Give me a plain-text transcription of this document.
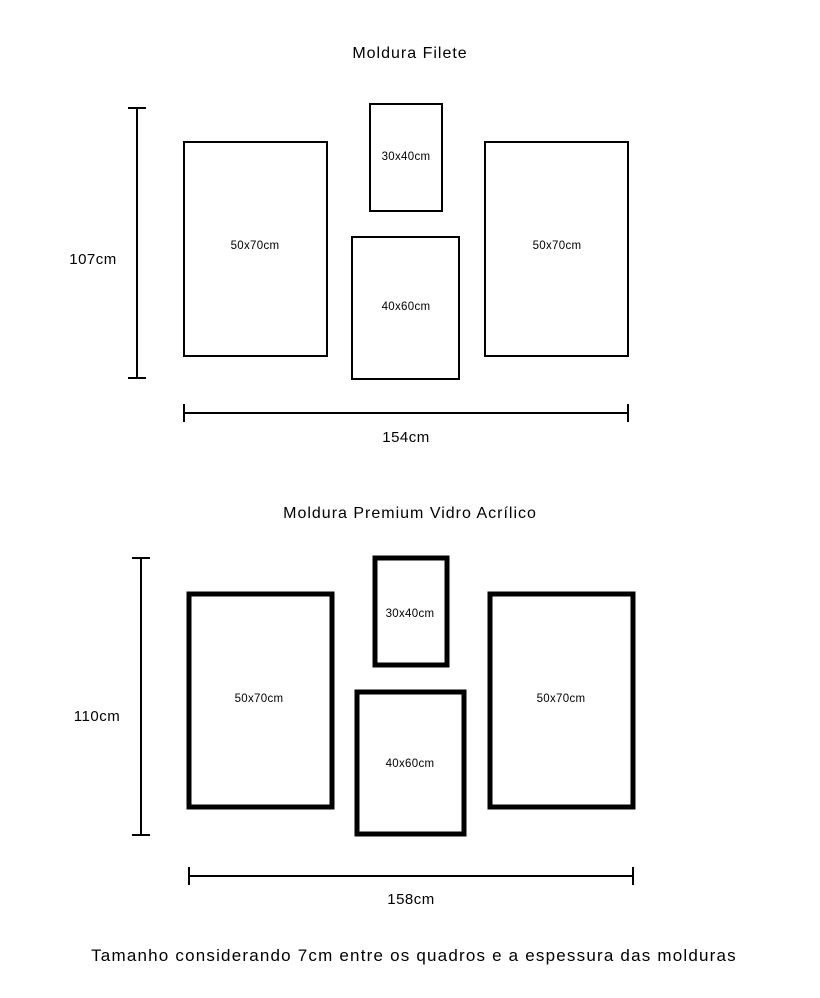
Moldura Filete
107cm
50x70cm
30x40cm
40x60cm
50x70cm
154cm
Moldura Premium Vidro Acrílico
110cm
50x70cm
30x40cm
40x60cm
50x70cm
158cm
Tamanho considerando 7cm entre os quadros e a espessura das molduras
